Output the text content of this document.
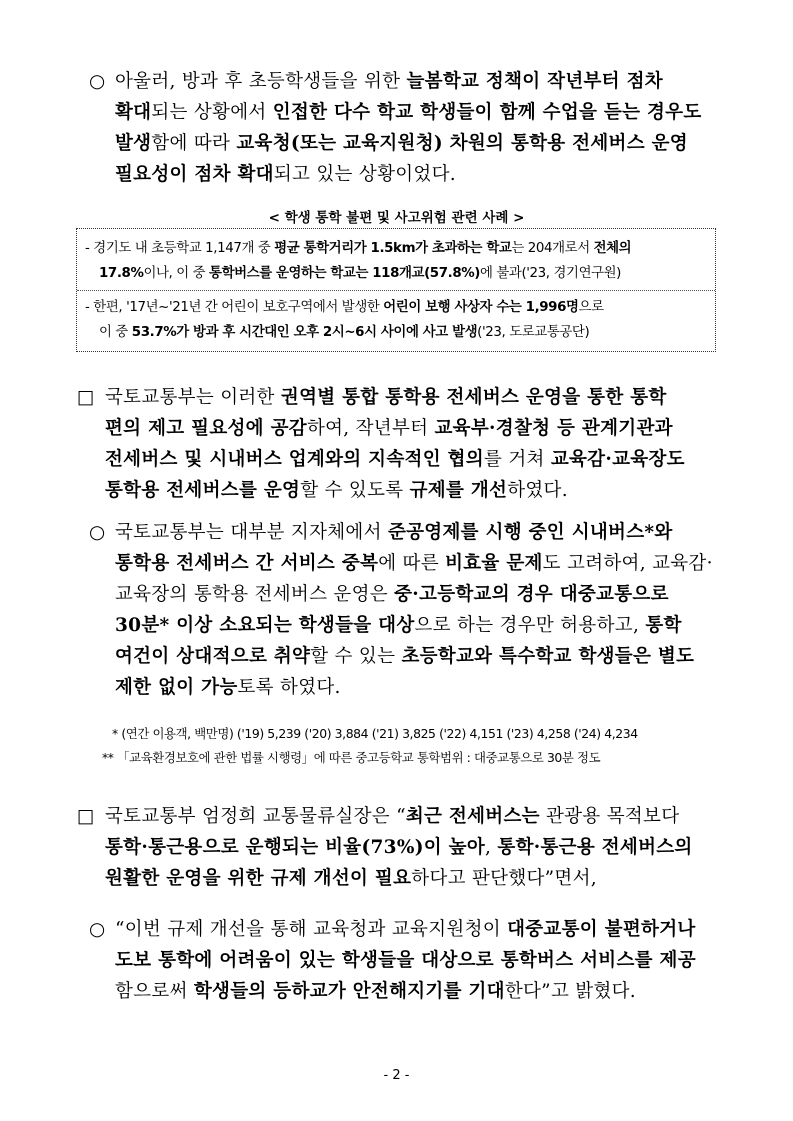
○ 아울러, 방과 후 초등학생들을 위한 늘봄학교 정책이 작년부터 점차
확대되는 상황에서 인접한 다수 학교 학생들이 함께 수업을 듣는 경우도
발생함에 따라 교육청(또는 교육지원청) 차원의 통학용 전세버스 운영
필요성이 점차 확대되고 있는 상황이었다.
< 학생 통학 불편 및 사고위험 관련 사례 >
- 경기도 내 초등학교 1,147개 중 평균 통학거리가 1.5km가 초과하는 학교는 204개로서 전체의
17.8%이나, 이 중 통학버스를 운영하는 학교는 118개교(57.8%)에 불과('23, 경기연구원)
- 한편, '17년~'21년 간 어린이 보호구역에서 발생한 어린이 보행 사상자 수는 1,996명으로
이 중 53.7%가 방과 후 시간대인 오후 2시~6시 사이에 사고 발생('23, 도로교통공단)
□ 국토교통부는 이러한 권역별 통합 통학용 전세버스 운영을 통한 통학
편의 제고 필요성에 공감하여, 작년부터 교육부·경찰청 등 관계기관과
전세버스 및 시내버스 업계와의 지속적인 협의를 거쳐 교육감·교육장도
통학용 전세버스를 운영할 수 있도록 규제를 개선하였다.
○ 국토교통부는 대부분 지자체에서 준공영제를 시행 중인 시내버스*와
통학용 전세버스 간 서비스 중복에 따른 비효율 문제도 고려하여, 교육감·
교육장의 통학용 전세버스 운영은 중·고등학교의 경우 대중교통으로
30분* 이상 소요되는 학생들을 대상으로 하는 경우만 허용하고, 통학
여건이 상대적으로 취약할 수 있는 초등학교와 특수학교 학생들은 별도
제한 없이 가능토록 하였다.
* (연간 이용객, 백만명) ('19) 5,239 ('20) 3,884 ('21) 3,825 ('22) 4,151 ('23) 4,258 ('24) 4,234
** 「교육환경보호에 관한 법률 시행령」에 따른 중고등학교 통학범위 : 대중교통으로 30분 정도
□ 국토교통부 엄정희 교통물류실장은 “최근 전세버스는 관광용 목적보다
통학·통근용으로 운행되는 비율(73%)이 높아, 통학·통근용 전세버스의
원활한 운영을 위한 규제 개선이 필요하다고 판단했다”면서,
○ “이번 규제 개선을 통해 교육청과 교육지원청이 대중교통이 불편하거나
도보 통학에 어려움이 있는 학생들을 대상으로 통학버스 서비스를 제공
함으로써 학생들의 등하교가 안전해지기를 기대한다”고 밝혔다.
- 2 -
